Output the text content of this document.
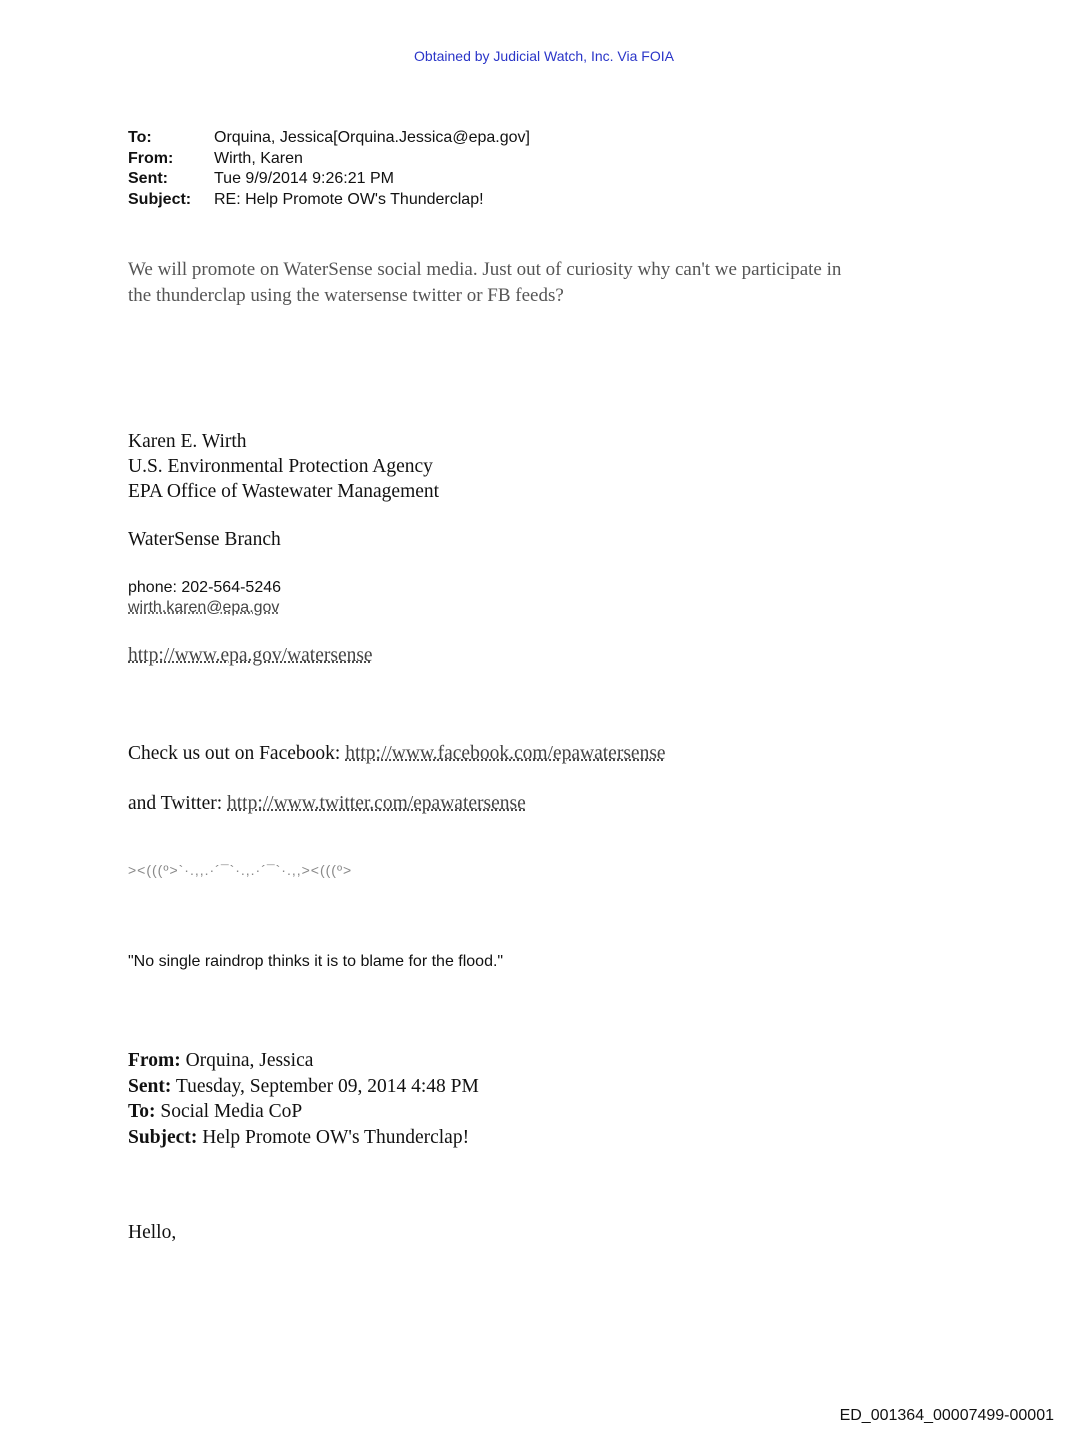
Obtained by Judicial Watch, Inc. Via FOIA
To:	Orquina, Jessica[Orquina.Jessica@epa.gov]
From:	Wirth, Karen
Sent:	Tue 9/9/2014 9:26:21 PM
Subject:	RE: Help Promote OW's Thunderclap!
We will promote on WaterSense social media. Just out of curiosity why can't we participate in
the thunderclap using the watersense twitter or FB feeds?
Karen E. Wirth
U.S. Environmental Protection Agency
EPA Office of Wastewater Management
WaterSense Branch
phone: 202-564-5246
wirth.karen@epa.gov
http://www.epa.gov/watersense
Check us out on Facebook: http://www.facebook.com/epawatersense
and Twitter: http://www.twitter.com/epawatersense
><(((º>`·.,,.·´¯`·.,.·´¯`·.,,><(((º>
"No single raindrop thinks it is to blame for the flood."
From: Orquina, Jessica
Sent: Tuesday, September 09, 2014 4:48 PM
To: Social Media CoP
Subject: Help Promote OW's Thunderclap!
Hello,
ED_001364_00007499-00001
